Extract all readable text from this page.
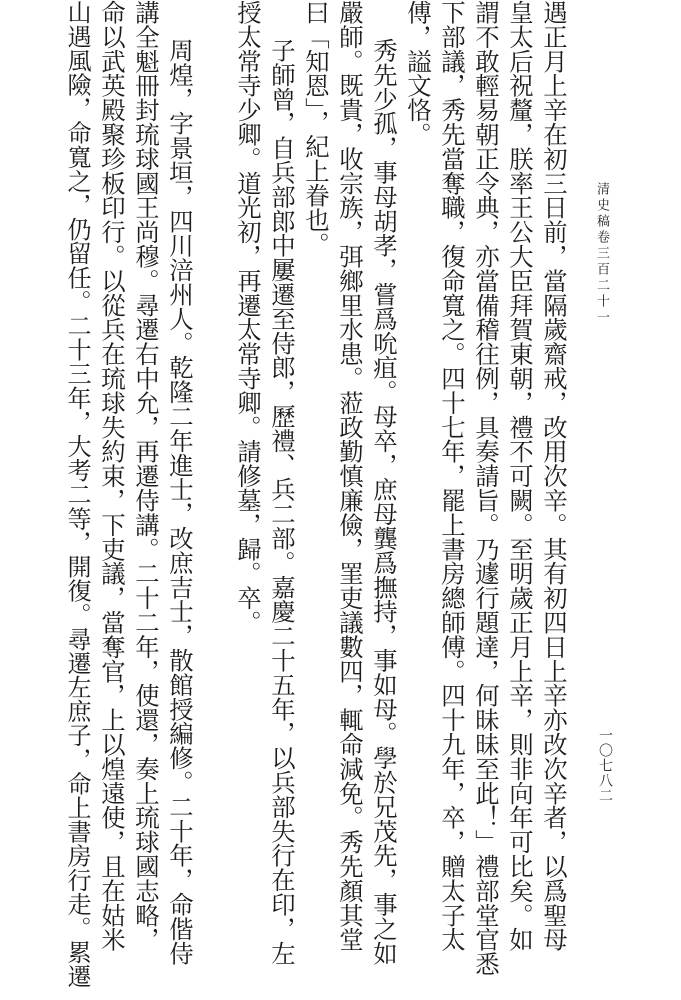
清史稿卷三百二十一
遇正月上辛在初三日前，當隔歲齋戒，改用次辛。其有初四日上辛亦改次辛者，以爲聖母
皇太后祝釐，朕率王公大臣拜賀東朝，禮不可闕。至明歲正月上辛，則非向年可比矣。如
謂不敢輕易朝正令典，亦當備稽往例，具奏請旨。乃遽行題達，何昧昧至此！」禮部堂官悉
下部議，秀先當奪職，復命寬之。四十七年，罷上書房總師傅。四十九年，卒，贈太子太
傅，謚文恪。
秀先少孤，事母胡孝，嘗爲吮疽。母卒，庶母龔爲撫持，事如母。學於兄茂先，事之如
嚴師。既貴，收宗族，弭鄉里水患。蒞政勤慎廉儉，罣吏議數四，輒命減免。秀先顏其堂
曰「知恩」，紀上眷也。
子師曾，自兵部郎中屢遷至侍郎，歷禮、兵二部。嘉慶二十五年，以兵部失行在印，左
授太常寺少卿。道光初，再遷太常寺卿。請修墓，歸。卒。
周煌，字景垣，四川涪州人。乾隆二年進士，改庶吉士，散館授編修。二十年，命偕侍
講全魁冊封琉球國王尚穆。尋遷右中允，再遷侍講。二十二年，使還，奏上琉球國志略，
命以武英殿聚珍板印行。以從兵在琉球失約束，下吏議，當奪官，上以煌遠使，且在姑米
山遇風險，命寬之，仍留任。二十三年，大考二等，開復。尋遷左庶子，命上書房行走。累遷	一〇七八二
